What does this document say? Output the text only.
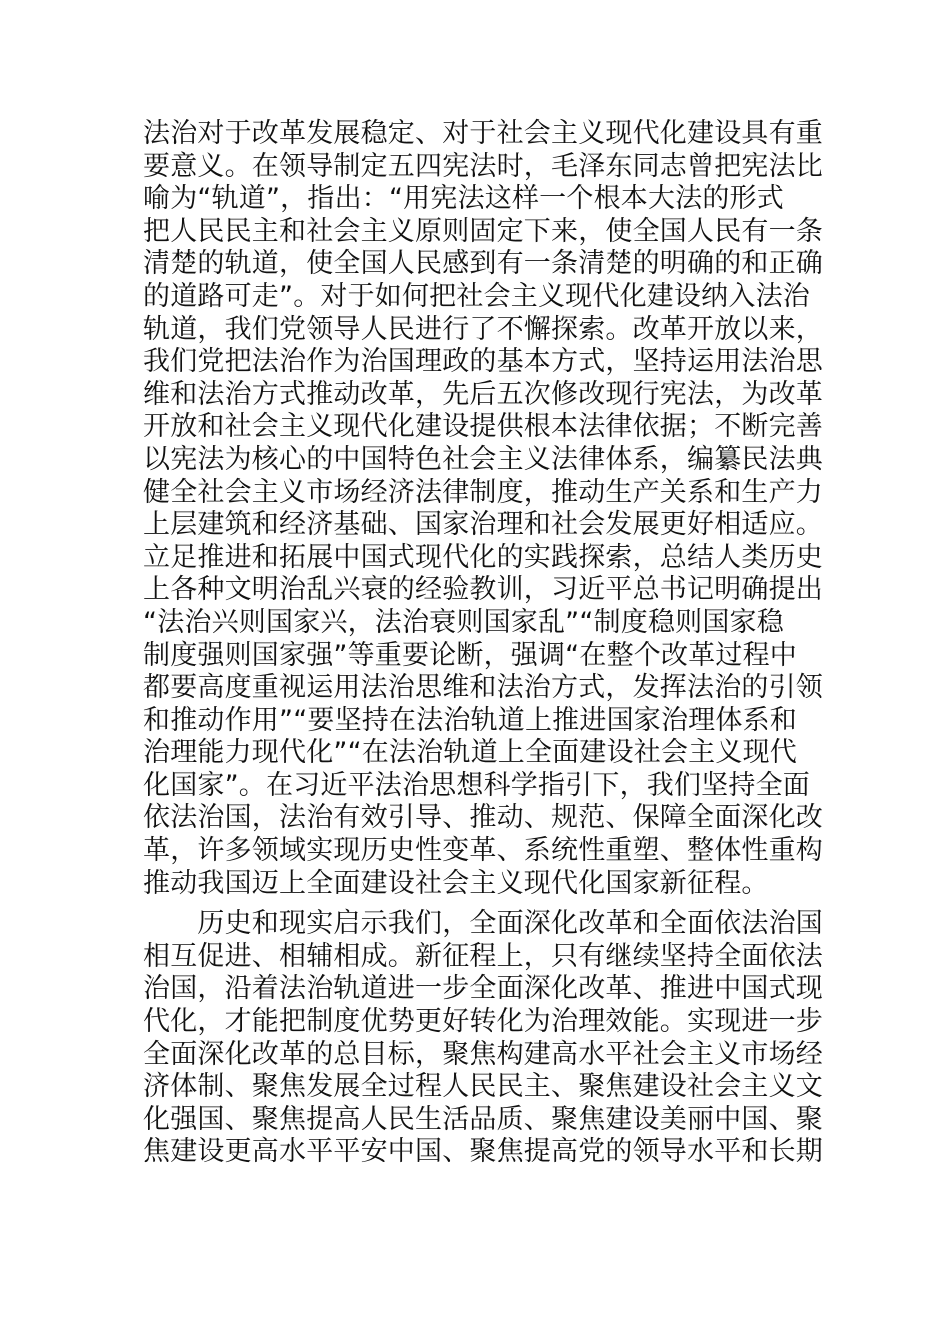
法治对于改革发展稳定、对于社会主义现代化建设具有重
要意义。在领导制定五四宪法时，毛泽东同志曾把宪法比
喻为“轨道”，指出：“用宪法这样一个根本大法的形式
把人民民主和社会主义原则固定下来，使全国人民有一条
清楚的轨道，使全国人民感到有一条清楚的明确的和正确
的道路可走”。对于如何把社会主义现代化建设纳入法治
轨道，我们党领导人民进行了不懈探索。改革开放以来，
我们党把法治作为治国理政的基本方式，坚持运用法治思
维和法治方式推动改革，先后五次修改现行宪法，为改革
开放和社会主义现代化建设提供根本法律依据；不断完善
以宪法为核心的中国特色社会主义法律体系，编纂民法典
健全社会主义市场经济法律制度，推动生产关系和生产力
上层建筑和经济基础、国家治理和社会发展更好相适应。
立足推进和拓展中国式现代化的实践探索，总结人类历史
上各种文明治乱兴衰的经验教训，习近平总书记明确提出
“法治兴则国家兴，法治衰则国家乱”“制度稳则国家稳
制度强则国家强”等重要论断，强调“在整个改革过程中
都要高度重视运用法治思维和法治方式，发挥法治的引领
和推动作用”“要坚持在法治轨道上推进国家治理体系和
治理能力现代化”“在法治轨道上全面建设社会主义现代
化国家”。在习近平法治思想科学指引下，我们坚持全面
依法治国，法治有效引导、推动、规范、保障全面深化改
革，许多领域实现历史性变革、系统性重塑、整体性重构
推动我国迈上全面建设社会主义现代化国家新征程。
　　历史和现实启示我们，全面深化改革和全面依法治国
相互促进、相辅相成。新征程上，只有继续坚持全面依法
治国，沿着法治轨道进一步全面深化改革、推进中国式现
代化，才能把制度优势更好转化为治理效能。实现进一步
全面深化改革的总目标，聚焦构建高水平社会主义市场经
济体制、聚焦发展全过程人民民主、聚焦建设社会主义文
化强国、聚焦提高人民生活品质、聚焦建设美丽中国、聚
焦建设更高水平平安中国、聚焦提高党的领导水平和长期
